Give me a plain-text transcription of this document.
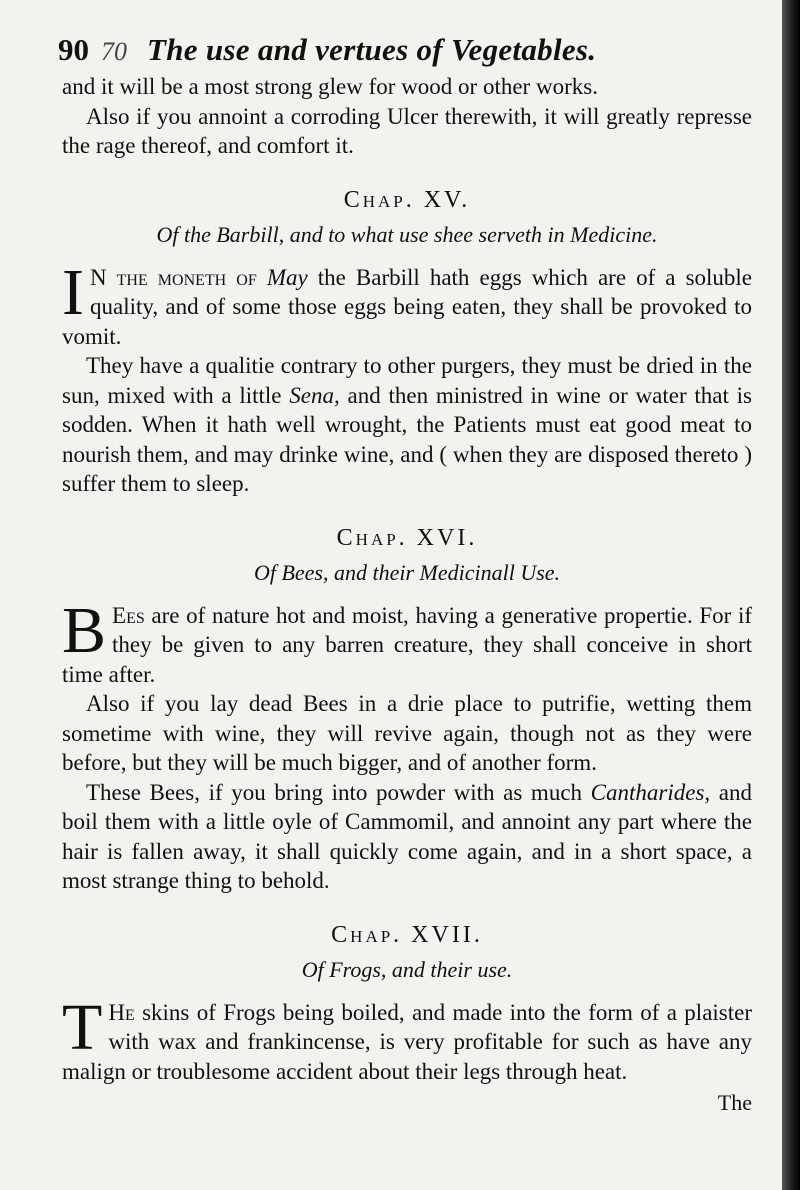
90 70 The use and vertues of Vegetables.

and it will be a most strong glew for wood or other works.

Also if you annoint a corroding Ulcer therewith, it will greatly represse the rage thereof, and comfort it.

Chap. XV.
Of the Barbill, and to what use shee serveth in Medicine.
I N the moneth of May the Barbill hath eggs which are of a soluble quality, and of some those eggs being eaten, they shall be provoked to vomit.

They have a qualitie contrary to other purgers, they must be dried in the sun, mixed with a little Sena, and then ministred in wine or water that is sodden. When it hath well wrought, the Patients must eat good meat to nourish them, and may drinke wine, and ( when they are disposed thereto ) suffer them to sleep.

Chap. XVI.
Of Bees, and their Medicinall Use.
B Ees are of nature hot and moist, having a generative propertie. For if they be given to any barren creature, they shall conceive in short time after.

Also if you lay dead Bees in a drie place to putrifie, wetting them sometime with wine, they will revive again, though not as they were before, but they will be much bigger, and of another form.

These Bees, if you bring into powder with as much Cantharides, and boil them with a little oyle of Cammomil, and annoint any part where the hair is fallen away, it shall quickly come again, and in a short space, a most strange thing to behold.

Chap. XVII.
Of Frogs, and their use.
T He skins of Frogs being boiled, and made into the form of a plaister with wax and frankincense, is very profitable for such as have any malign or troublesome accident about their legs through heat.

The
